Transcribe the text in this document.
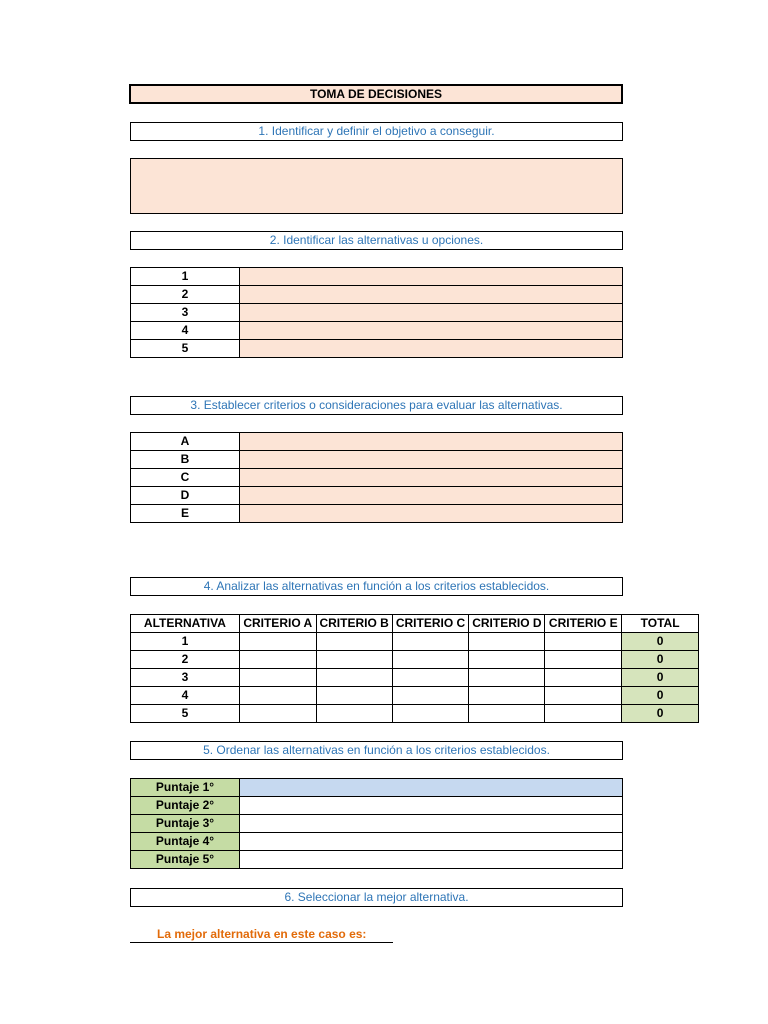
TOMA DE DECISIONES
1. Identificar y definir el objetivo a conseguir.
2. Identificar las alternativas u opciones.
1	
2	
3	
4	
5	
3. Establecer criterios o consideraciones para evaluar las alternativas.
A	
B	
C	
D	
E	
4. Analizar las alternativas en función a los criterios establecidos.
ALTERNATIVA	CRITERIO A	CRITERIO B	CRITERIO C	CRITERIO D	CRITERIO E	TOTAL
1						0
2						0
3						0
4						0
5						0
5. Ordenar las alternativas en función a los criterios establecidos.
Puntaje 1°	
Puntaje 2°	
Puntaje 3°	
Puntaje 4°	
Puntaje 5°	
6. Seleccionar la mejor alternativa.
La mejor alternativa en este caso es:
